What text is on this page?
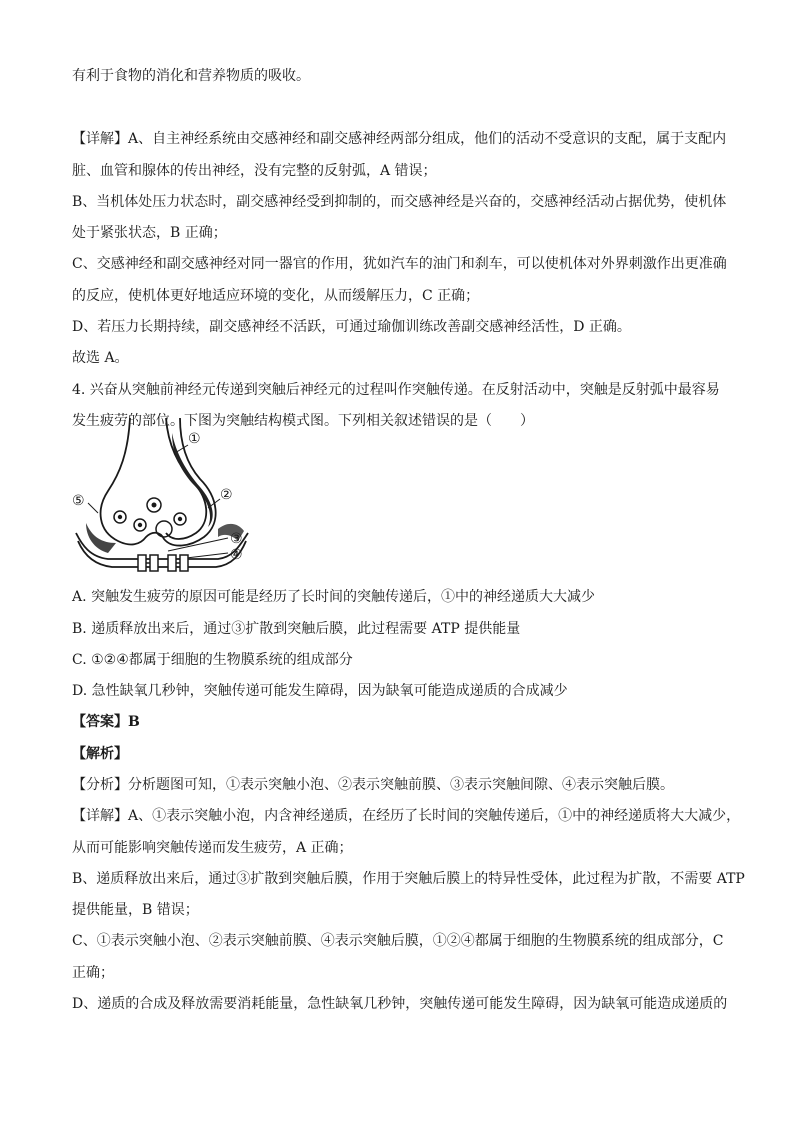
有利于食物的消化和营养物质的吸收。
【详解】A、自主神经系统由交感神经和副交感神经两部分组成，他们的活动不受意识的支配，属于支配内
脏、血管和腺体的传出神经，没有完整的反射弧，A 错误；
B、当机体处压力状态时，副交感神经受到抑制的，而交感神经是兴奋的，交感神经活动占据优势，使机体
处于紧张状态，B 正确；
C、交感神经和副交感神经对同一器官的作用，犹如汽车的油门和刹车，可以使机体对外界刺激作出更准确
的反应，使机体更好地适应环境的变化，从而缓解压力，C 正确；
D、若压力长期持续，副交感神经不活跃，可通过瑜伽训练改善副交感神经活性，D 正确。
故选 A。
4. 兴奋从突触前神经元传递到突触后神经元的过程叫作突触传递。在反射活动中，突触是反射弧中最容易
发生疲劳的部位。下图为突触结构模式图。下列相关叙述错误的是（　　）
A. 突触发生疲劳的原因可能是经历了长时间的突触传递后，①中的神经递质大大减少
B. 递质释放出来后，通过③扩散到突触后膜，此过程需要 ATP 提供能量
C. ①②④都属于细胞的生物膜系统的组成部分
D. 急性缺氧几秒钟，突触传递可能发生障碍，因为缺氧可能造成递质的合成减少
【答案】B
【解析】
【分析】分析题图可知，①表示突触小泡、②表示突触前膜、③表示突触间隙、④表示突触后膜。
【详解】A、①表示突触小泡，内含神经递质，在经历了长时间的突触传递后，①中的神经递质将大大减少，
从而可能影响突触传递而发生疲劳，A 正确；
B、递质释放出来后，通过③扩散到突触后膜，作用于突触后膜上的特异性受体，此过程为扩散，不需要 ATP
提供能量，B 错误；
C、①表示突触小泡、②表示突触前膜、④表示突触后膜，①②④都属于细胞的生物膜系统的组成部分，C
正确；
D、递质的合成及释放需要消耗能量，急性缺氧几秒钟，突触传递可能发生障碍，因为缺氧可能造成递质的
①
②
③
④
⑤
